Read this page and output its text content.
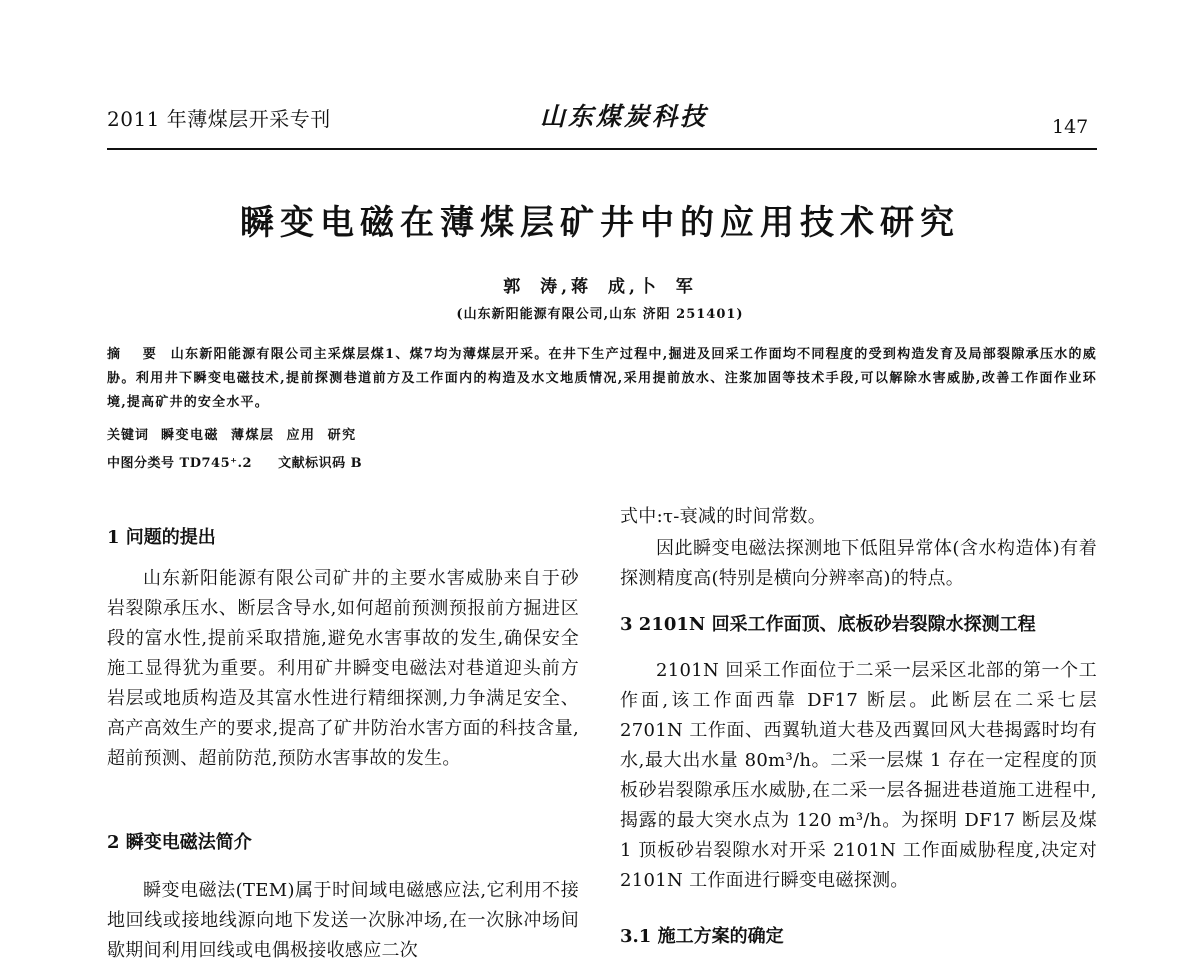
2011 年薄煤层开采专刊	山东煤炭科技	147
瞬变电磁在薄煤层矿井中的应用技术研究
郭 涛,蒋 成,卜 军
(山东新阳能源有限公司,山东 济阳 251401)
摘 要 山东新阳能源有限公司主采煤层煤1、煤7均为薄煤层开采。在井下生产过程中,掘进及回采工作面均不同程度的受到构造发育及局部裂隙承压水的威胁。利用井下瞬变电磁技术,提前探测巷道前方及工作面内的构造及水文地质情况,采用提前放水、注浆加固等技术手段,可以解除水害威胁,改善工作面作业环境,提高矿井的安全水平。
关键词 瞬变电磁 薄煤层 应用 研究
中图分类号 TD745⁺.2 文献标识码 B
1 问题的提出
山东新阳能源有限公司矿井的主要水害威胁来自于砂岩裂隙承压水、断层含导水,如何超前预测预报前方掘进区段的富水性,提前采取措施,避免水害事故的发生,确保安全施工显得犹为重要。利用矿井瞬变电磁法对巷道迎头前方岩层或地质构造及其富水性进行精细探测,力争满足安全、高产高效生产的要求,提高了矿井防治水害方面的科技含量,超前预测、超前防范,预防水害事故的发生。
2 瞬变电磁法简介
瞬变电磁法(TEM)属于时间域电磁感应法,它利用不接地回线或接地线源向地下发送一次脉冲场,在一次脉冲场间歇期间利用回线或电偶极接收感应二次
式中:τ-衰减的时间常数。
因此瞬变电磁法探测地下低阻异常体(含水构造体)有着探测精度高(特别是横向分辨率高)的特点。
3 2101N 回采工作面顶、底板砂岩裂隙水探测工程
2101N 回采工作面位于二采一层采区北部的第一个工作面,该工作面西靠 DF17 断层。此断层在二采七层 2701N 工作面、西翼轨道大巷及西翼回风大巷揭露时均有水,最大出水量 80m³/h。二采一层煤 1 存在一定程度的顶板砂岩裂隙承压水威胁,在二采一层各掘进巷道施工进程中,揭露的最大突水点为 120 m³/h。为探明 DF17 断层及煤 1 顶板砂岩裂隙水对开采 2101N 工作面威胁程度,决定对 2101N 工作面进行瞬变电磁探测。
3.1 施工方案的确定
